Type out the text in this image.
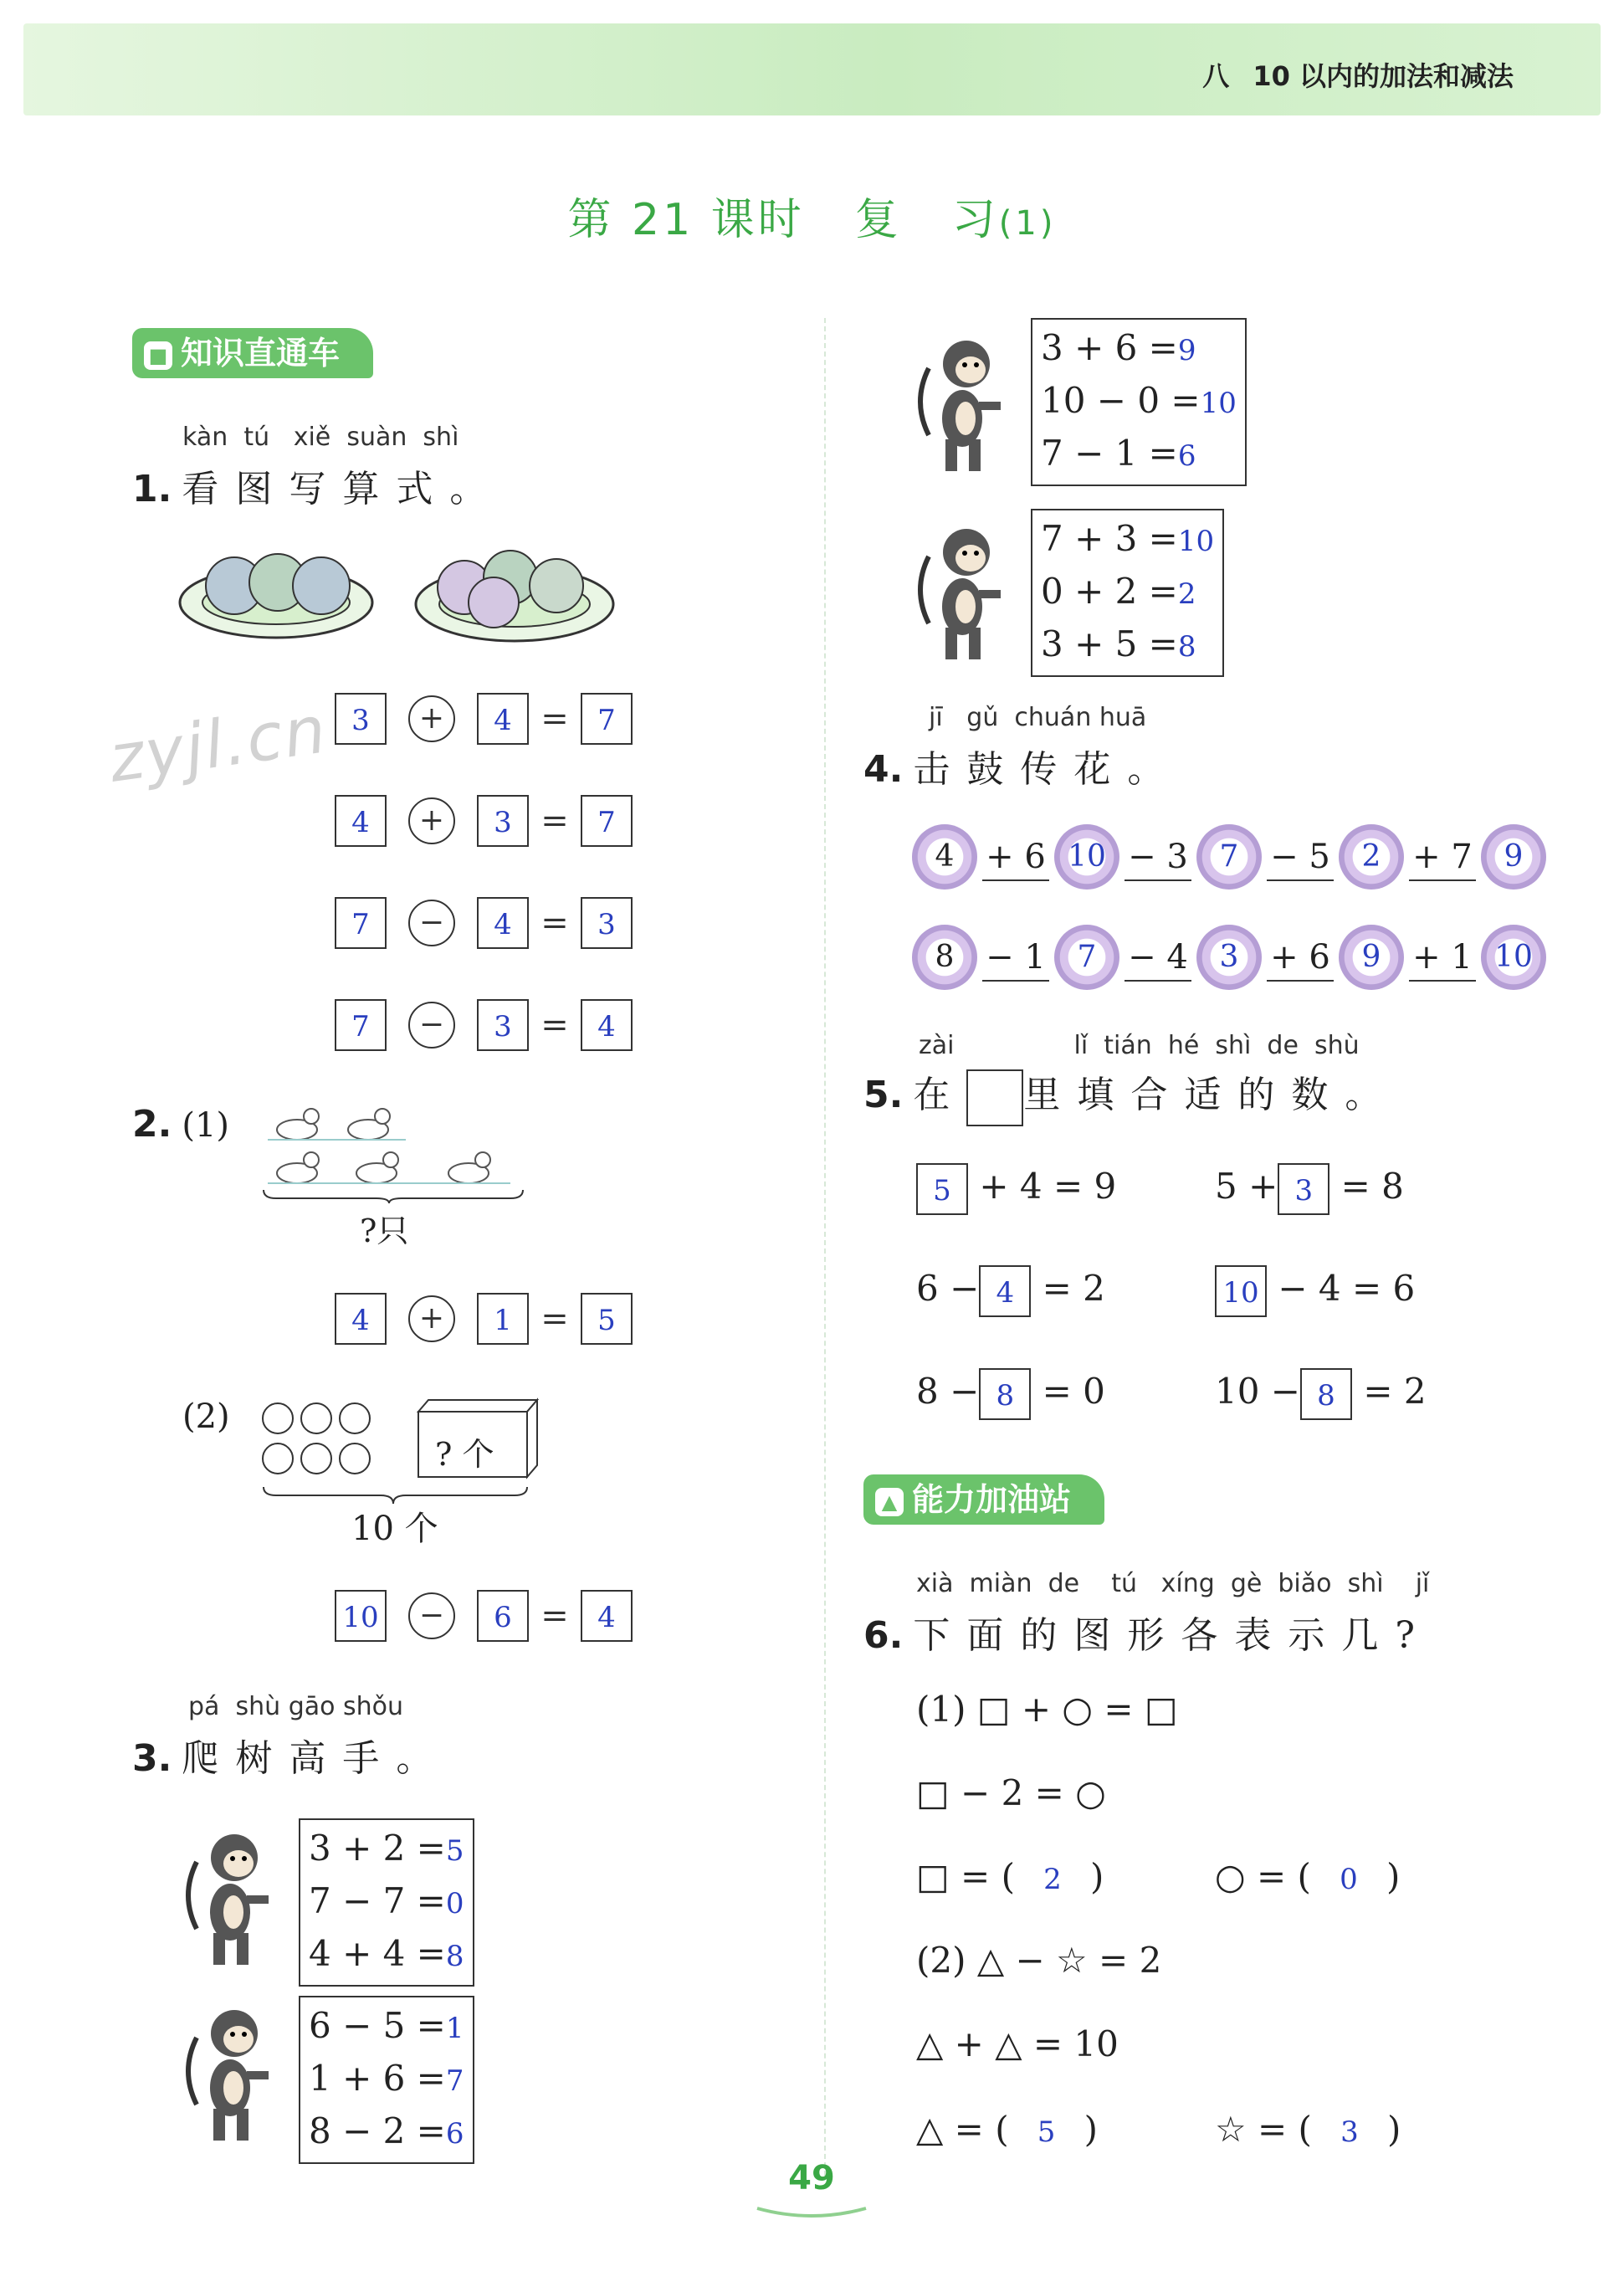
八 10 以内的加法和减法
第 21 课时 复 习(1)
zyjl.cn
■ 知识直通车
kàn  tú   xiě  suàn  shì
1. 看图写算式。
3 + 4 = 7
4 + 3 = 7
7 − 4 = 3
7 − 3 = 4
2. (1)
?只
4 + 1 = 5
(2)
? 个
10 个
10 − 6 = 4
pá  shù gāo shǒu
3. 爬树高手。
3 + 2 =5
7 − 7 =0
4 + 4 =8
6 − 5 =1
1 + 6 =7
8 − 2 =6
3 + 6 =9
10 − 0 =10
7 − 1 =6
7 + 3 =10
0 + 2 =2
3 + 5 =8
jī   gǔ  chuán huā
4. 击鼓传花。
4 + 6 10 − 3 7 − 5 2 + 7 9
8 − 1 7 − 4 3 + 6 9 + 1 10
zài               lǐ  tián  hé  shì  de  shù
5. 在 里填合适的数。
5 + 4 = 9	5 + 3 = 8
6 − 4 = 2	10 − 4 = 6
8 − 8 = 0	10 − 8 = 2
▲ 能力加油站
xià  miàn  de    tú   xíng  gè  biǎo  shì    jǐ
6. 下面的图形各表示几?
(1) □ + ○ = □
□ − 2 = ○
□ = ( 2 )	○ = ( 0 )
(2) △ − ☆ = 2
△ + △ = 10
△ = ( 5 )	☆ = ( 3 )
49
